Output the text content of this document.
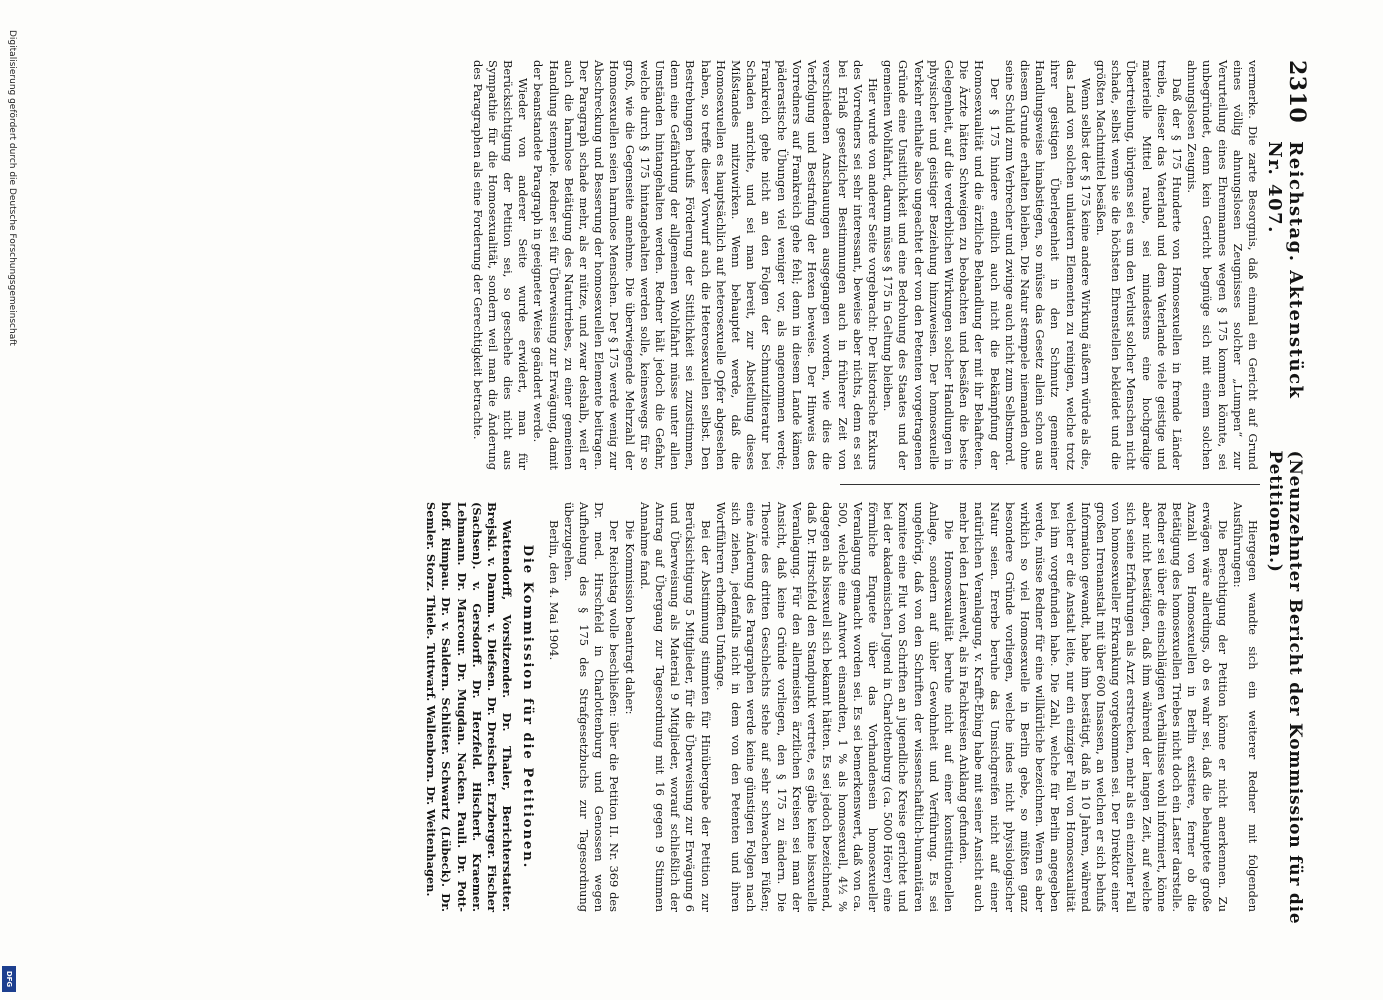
Digitalisierung gefördert durch die Deutsche Forschungsgemeinschaft
DFG
2310
Reichstag. Aktenstück Nr. 407.
(Neunzehnter Bericht der Kommission für die Petitionen.)

vermerke. Die zarte Besorgnis, daß einmal ein Gericht auf Grund eines völlig ahnungslosen Zeugnisses solcher „Lumpen“ zur Verurteilung eines Ehrenmannes wegen § 175 kommen könnte, sei unbegründet, denn kein Gericht begnüge sich mit einem solchen ahnungslosen Zeugnis.

Daß der § 175 Hunderte von Homosexuellen in fremde Länder treibe, dieser das Vaterland und dem Vaterlande viele geistige und materielle Mittel raube, sei mindestens eine hochgradige Übertreibung, übrigens sei es um den Verlust solcher Menschen nicht schade, selbst wenn sie die höchsten Ehrenstellen bekleidet und die größten Machtmittel besäßen.

Wenn selbst der § 175 keine andere Wirkung äußern würde als die, das Land von solchen unlautern Elementen zu reinigen, welche trotz ihrer geistigen Überlegenheit in den Schmutz gemeiner Handlungsweise hinabstiegen, so müsse das Gesetz allein schon aus diesem Grunde erhalten bleiben. Die Natur stempele niemanden ohne seine Schuld zum Verbrecher und zwinge auch nicht zum Selbstmord.

Der § 175 hindere endlich auch nicht die Bekämpfung der Homosexualität und die ärztliche Behandlung der mit ihr Behafteten. Die Ärzte hätten Schweigen zu beobachten und besäßen die beste Gelegenheit, auf die verderblichen Wirkungen solcher Handlungen in physischer und geistiger Beziehung hinzuweisen. Der homosexuelle Verkehr enthalte also ungeachtet der von den Petenten vorgetragenen Gründe eine Unsittlichkeit und eine Bedrohung des Staates und der gemeinen Wohlfahrt, darum müsse § 175 in Geltung bleiben.

Hier wurde von anderer Seite vorgebracht: Der historische Exkurs des Vorredners sei sehr interessant, beweise aber nichts, denn es sei bei Erlaß gesetzlicher Bestimmungen auch in früherer Zeit von verschiedenen Anschauungen ausgegangen worden, wie dies die Verfolgung und Bestrafung der Hexen beweise. Der Hinweis des Vorredners auf Frankreich gehe fehl; denn in diesem Lande kämen päderastische Übungen viel weniger vor, als angenommen werde; Frankreich gehe nicht an den Folgen der Schmutzliteratur bei Schaden anrichte, und sei man bereit, zur Abstellung dieses Mißstandes mitzuwirken. Wenn behauptet werde, daß die Homosexuellen es hauptsächlich auf heterosexuelle Opfer abgesehen haben, so treffe dieser Vorwurf auch die Heterosexuellen selbst. Den Bestrebungen behufs Förderung der Sittlichkeit sei zuzustimmen, denn eine Gefährdung der allgemeinen Wohlfahrt müsse unter allen Umständen hintangehalten werden. Redner hält jedoch die Gefahr, welche durch § 175 hintangehalten werden solle, keineswegs für so groß, wie die Gegenseite annehme. Die überwiegende Mehrzahl der Homosexuellen seien harmlose Menschen. Der § 175 werde wenig zur Abschreckung und Besserung der homosexuellen Elemente beitragen. Der Paragraph schade mehr, als er nütze, und zwar deshalb, weil er auch die harmlose Betätigung des Naturtriebes, zu einer gemeinen Handlung stempele. Redner sei für Überweisung zur Erwägung, damit der beanstandete Paragraph in geeigneter Weise geändert werde.

Wieder von anderer Seite wurde erwidert, man für Berücksichtigung der Petition sei, so geschehe dies nicht aus Sympathie für die Homosexualität, sondern weil man die Änderung des Paragraphen als eine Forderung der Gerechtigkeit betrachte.

Hiergegen wandte sich ein weiterer Redner mit folgenden Ausführungen:

Die Berechtigung der Petition könne er nicht anerkennen. Zu erwägen wäre allerdings, ob es wahr sei, daß die behauptete große Anzahl von Homosexuellen in Berlin existiere, ferner ob die Betätigung des homosexuellen Triebes nicht doch ein Laster darstelle. Redner sei über die einschlägigen Verhältnisse wohl informiert, könne aber nicht bestätigen, daß ihm während der langen Zeit, auf welche sich seine Erfahrungen als Arzt erstrecken, mehr als ein einzelner Fall von homosexueller Erkrankung vorgekommen sei. Der Direktor einer großen Irrenanstalt mit über 600 Insassen, an welchen er sich behufs Information gewandt, habe ihm bestätigt, daß in 10 Jahren, während welcher er die Anstalt leite, nur ein einziger Fall von Homosexualität bei ihm vorgefunden habe. Die Zahl, welche für Berlin angegeben werde, müsse Redner für eine willkürliche bezeichnen. Wenn es aber wirklich so viel Homosexuelle in Berlin gebe, so müßten ganz besondere Gründe vorliegen, welche indes nicht physiologischer Natur seien. Ererbe beruhe das Umsichgreifen nicht auf einer natürlichen Veranlagung, v. Krafft-Ebing habe mit seiner Ansicht auch mehr bei den Laienwelt, als in Fachkreisen Anklang gefunden.

Die Homosexualität beruhe nicht auf einer konstitutionellen Anlage, sondern auf übler Gewohnheit und Verführung. Es sei ungehörig, daß von den Schriften der wissenschaftlich-humanitären Komitee eine Flut von Schriften an jugendliche Kreise gerichtet und bei der akademischen Jugend in Charlottenburg (ca. 5000 Hörer) eine förmliche Enquete über das Vorhandensein homosexueller Veranlagung gemacht worden sei. Es sei bemerkenswert, daß von ca. 500, welche eine Antwort einsandten, 1 % als homosexuell, 4½ % dagegen als bisexuell sich bekannt hätten. Es sei jedoch bezeichnend, daß Dr. Hirschfeld den Standpunkt vertrete, es gäbe keine bisexuelle Veranlagung. Für den allermeisten ärztlichen Kreisen sei man der Ansicht, daß keine Gründe vorliegen, den § 175 zu ändern. Die Theorie des dritten Geschlechts stehe auf sehr schwachen Füßen; eine Änderung des Paragraphen werde keine günstigen Folgen nach sich ziehen, jedenfalls nicht in dem von den Petenten und ihren Wortführern erhofften Umfange.

Bei der Abstimmung stimmten für Hinübergabe der Petition zur Berücksichtigung 5 Mitglieder, für die Überweisung zur Erwägung 6 und Überweisung als Material 9 Mitglieder, worauf schließlich der Antrag auf Übergang zur Tagesordnung mit 16 gegen 9 Stimmen Annahme fand.

Die Kommission beantragt daher:

Der Reichstag wolle beschließen: über die Petition II. Nr. 369 des Dr. med. Hirschfeld in Charlottenburg und Genossen wegen Aufhebung des § 175 des Strafgesetzbuchs zur Tagesordnung überzugehen.

Berlin, den 4. Mai 1904.

Die Kommission für die Petitionen.

Wattendorff, Vorsitzender. Dr. Thaler, Berichterstatter. Brejski. v. Damm. v. Diefsen. Dr. Dreischer. Erzberger. Fischer (Sachsen). v. Gersdorff. Dr. Herzfeld. Hischert. Kraemer. Lehmann. Dr. Marcour. Dr. Mugdan. Nacken. Pauli. Dr. Potthoff. Rimpau. Dr. v. Saldern. Schlüter. Schwartz (Lübeck). Dr. Semler. Storz. Thiele. Tuttwarf. Wallenborn. Dr. Weitenhagen.
